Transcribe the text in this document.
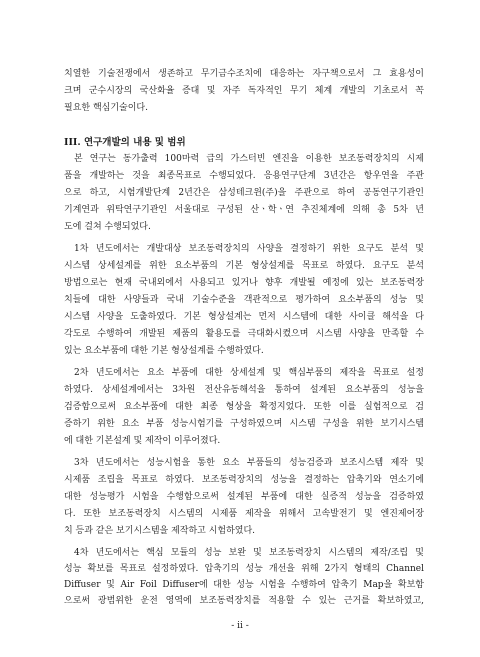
치열한 기술전쟁에서 생존하고 무기금수조치에 대응하는 자구책으로서 그 효용성이
크며 군수시장의 국산화율 증대 및 자주 독자적인 무기 체계 개발의 기초로서 꼭
필요한 핵심기술이다.
III. 연구개발의 내용 및 범위
본 연구는 동가출력 100마력 급의 가스터빈 엔진을 이용한 보조동력장치의 시제
품을 개발하는 것을 최종목표로 수행되었다. 응용연구단계 3년간은 항우연을 주관
으로 하고, 시험개발단계 2년간은 삼성테크윈(주)을 주관으로 하여 공동연구기관인
기계연과 위탁연구기관인 서울대로 구성된 산ㆍ학ㆍ연 추진체계에 의해 총 5차 년
도에 걸쳐 수행되었다.
1차 년도에서는 개발대상 보조동력장치의 사양을 결정하기 위한 요구도 분석 및
시스템 상세설계를 위한 요소부품의 기본 형상설계를 목표로 하였다. 요구도 분석
방법으로는 현재 국내외에서 사용되고 있거나 향후 개발될 예정에 있는 보조동력장
치들에 대한 사양들과 국내 기술수준을 객관적으로 평가하여 요소부품의 성능 및
시스템 사양을 도출하였다. 기본 형상설계는 먼저 시스템에 대한 사이클 해석을 다
각도로 수행하여 개발된 제품의 활용도를 극대화시켰으며 시스템 사양을 만족할 수
있는 요소부품에 대한 기본 형상설계를 수행하였다.
2차 년도에서는 요소 부품에 대한 상세설계 및 핵심부품의 제작을 목표로 설정
하였다. 상세설계에서는 3차원 전산유동해석을 통하여 설계된 요소부품의 성능을
검증함으로써 요소부품에 대한 최종 형상을 확정지었다. 또한 이를 실험적으로 검
증하기 위한 요소 부품 성능시험기를 구성하였으며 시스템 구성을 위한 보기시스템
에 대한 기본설계 및 제작이 이루어졌다.
3차 년도에서는 성능시험을 통한 요소 부품들의 성능검증과 보조시스템 제작 및
시제품 조립을 목표로 하였다. 보조동력장치의 성능을 결정하는 압축기와 연소기에
대한 성능평가 시험을 수행함으로써 설계된 부품에 대한 실증적 성능을 검증하였
다. 또한 보조동력장치 시스템의 시제품 제작을 위해서 고속발전기 및 엔진제어장
치 등과 같은 보기시스템을 제작하고 시험하였다.
4차 년도에서는 핵심 모듈의 성능 보완 및 보조동력장치 시스템의 제작/조립 및
성능 확보를 목표로 설정하였다. 압축기의 성능 개선을 위해 2가지 형태의 Channel
Diffuser 및 Air Foil Diffuser에 대한 성능 시험을 수행하여 압축기 Map을 확보함
으로써 광범위한 운전 영역에 보조동력장치를 적용할 수 있는 근거를 확보하였고,
- ii -
